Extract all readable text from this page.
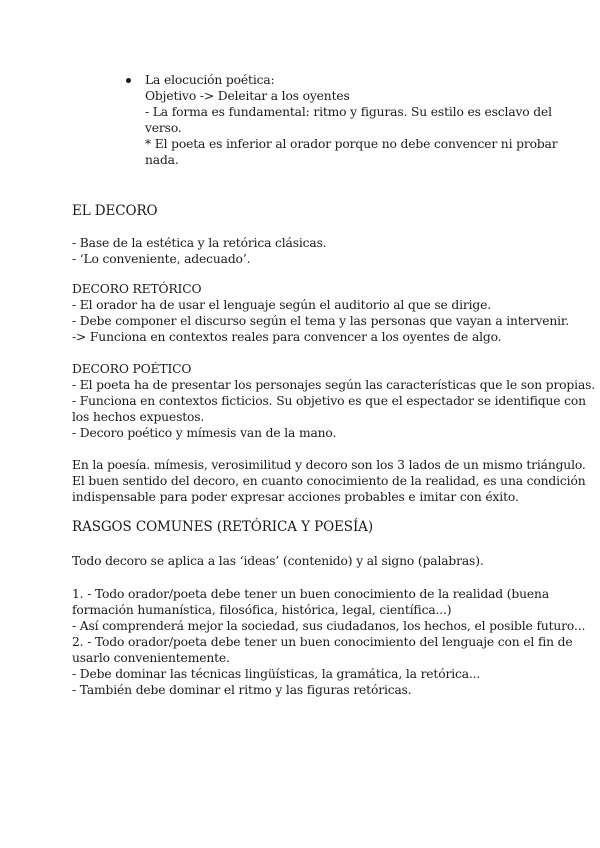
La elocución poética:
Objetivo -> Deleitar a los oyentes
- La forma es fundamental: ritmo y figuras. Su estilo es esclavo del
verso.
* El poeta es inferior al orador porque no debe convencer ni probar
nada.
EL DECORO
- Base de la estética y la retórica clásicas.
- ‘Lo conveniente, adecuado’.
DECORO RETÓRICO
- El orador ha de usar el lenguaje según el auditorio al que se dirige.
- Debe componer el discurso según el tema y las personas que vayan a intervenir.
-> Funciona en contextos reales para convencer a los oyentes de algo.
DECORO POÉTICO
- El poeta ha de presentar los personajes según las características que le son propias.
- Funciona en contextos ficticios. Su objetivo es que el espectador se identifique con
los hechos expuestos.
- Decoro poético y mímesis van de la mano.
En la poesía. mímesis, verosimilitud y decoro son los 3 lados de un mismo triángulo.
El buen sentido del decoro, en cuanto conocimiento de la realidad, es una condición
indispensable para poder expresar acciones probables e imitar con éxito.
RASGOS COMUNES (RETÓRICA Y POESÍA)
Todo decoro se aplica a las ‘ideas’ (contenido) y al signo (palabras).
1. - Todo orador/poeta debe tener un buen conocimiento de la realidad (buena
formación humanística, filosófica, histórica, legal, científica...)
- Así comprenderá mejor la sociedad, sus ciudadanos, los hechos, el posible futuro...
2. - Todo orador/poeta debe tener un buen conocimiento del lenguaje con el fin de
usarlo convenientemente.
- Debe dominar las técnicas lingüísticas, la gramática, la retórica...
- También debe dominar el ritmo y las figuras retóricas.
